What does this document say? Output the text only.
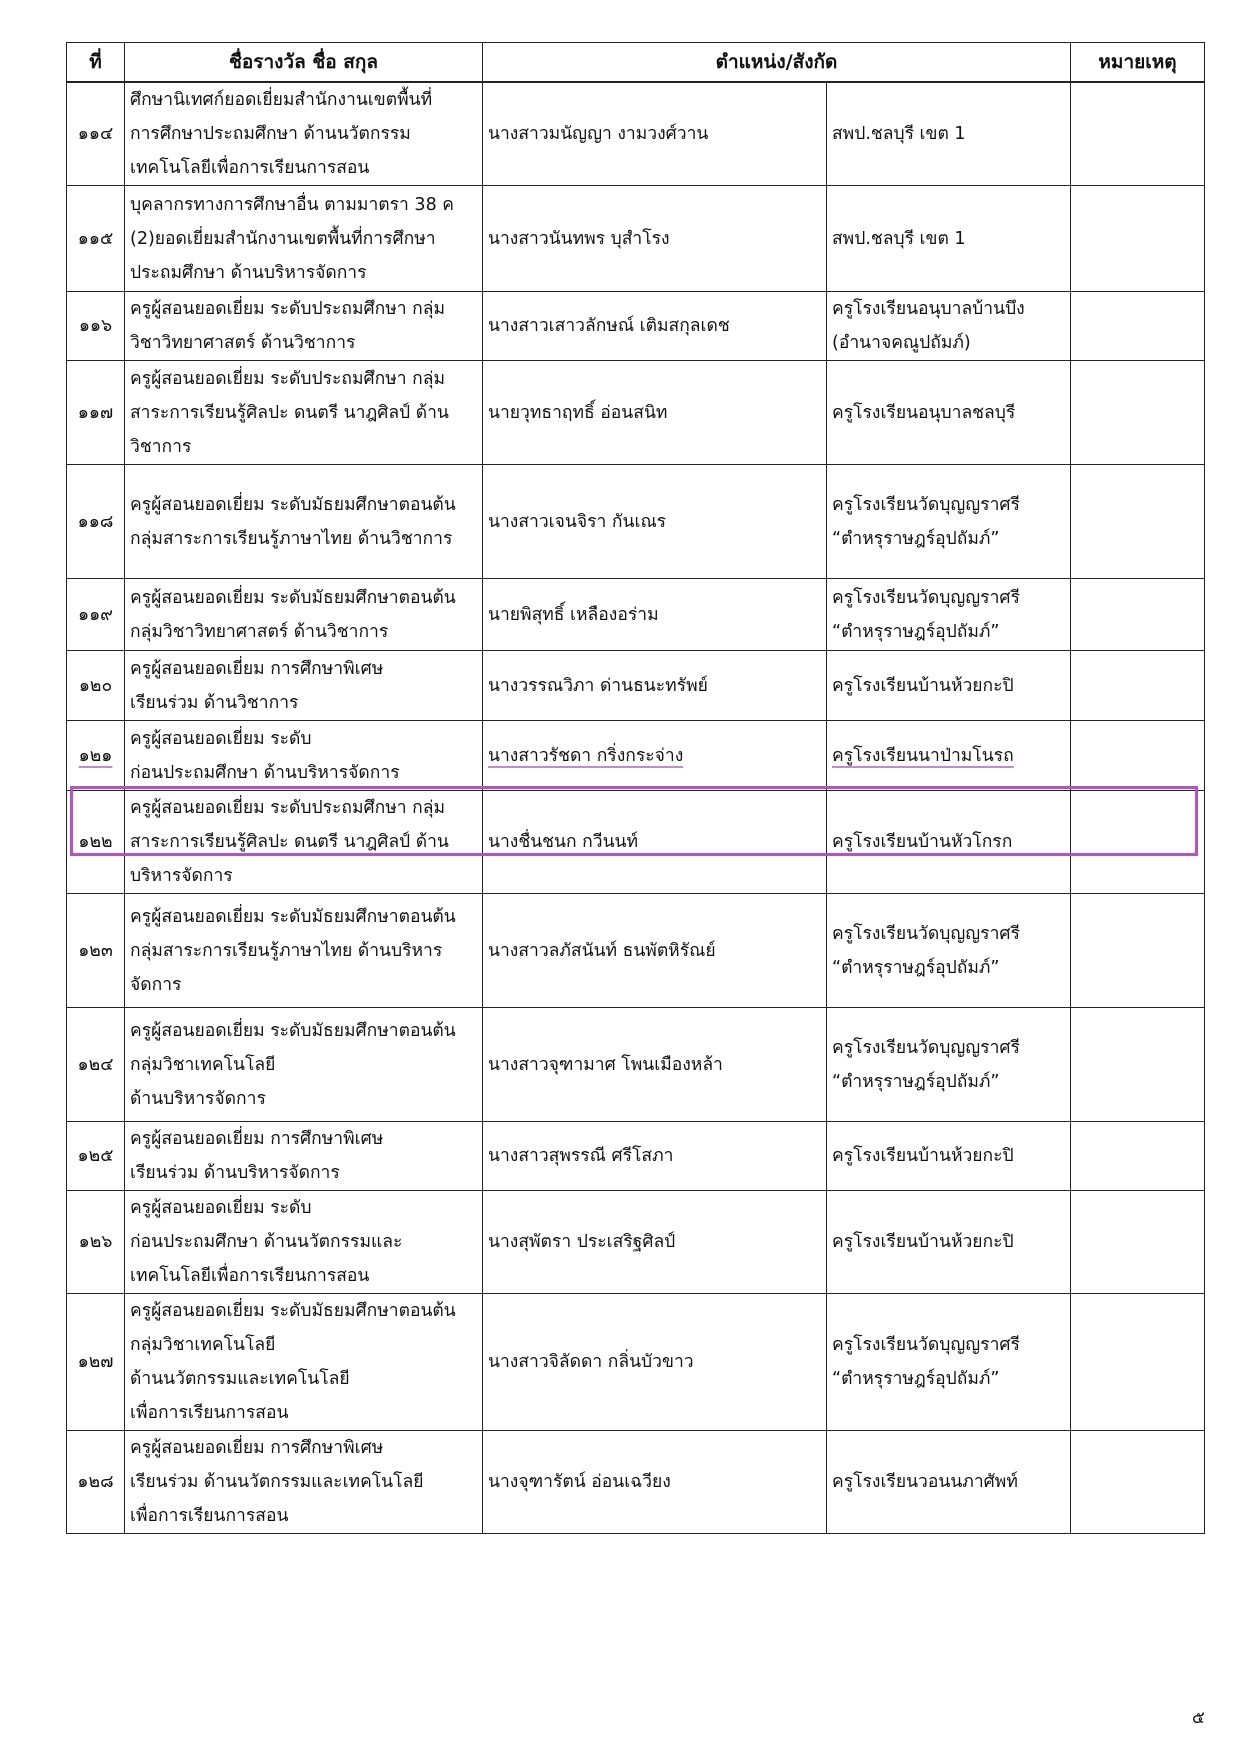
ที่	ชื่อรางวัล ชื่อ สกุล	ตำแหน่ง/สังกัด		หมายเหตุ
๑๑๔	ศึกษานิเทศก์ยอดเยี่ยมสำนักงานเขตพื้นที่
การศึกษาประถมศึกษา ด้านนวัตกรรม
เทคโนโลยีเพื่อการเรียนการสอน	นางสาวมนัญญา งามวงศ์วาน	สพป.ชลบุรี เขต 1	
๑๑๕	บุคลากรทางการศึกษาอื่น ตามมาตรา 38 ค
(2)ยอดเยี่ยมสำนักงานเขตพื้นที่การศึกษา
ประถมศึกษา ด้านบริหารจัดการ	นางสาวนันทพร บุสำโรง	สพป.ชลบุรี เขต 1	
๑๑๖	ครูผู้สอนยอดเยี่ยม ระดับประถมศึกษา กลุ่ม
วิชาวิทยาศาสตร์ ด้านวิชาการ	นางสาวเสาวลักษณ์ เติมสกุลเดช	ครูโรงเรียนอนุบาลบ้านบึง
(อำนาจคณูปถัมภ์)	
๑๑๗	ครูผู้สอนยอดเยี่ยม ระดับประถมศึกษา กลุ่ม
สาระการเรียนรู้ศิลปะ ดนตรี นาฎศิลป์ ด้าน
วิชาการ	นายวุทธาฤทธิ์ อ่อนสนิท	ครูโรงเรียนอนุบาลชลบุรี	
๑๑๘	ครูผู้สอนยอดเยี่ยม ระดับมัธยมศึกษาตอนต้น
กลุ่มสาระการเรียนรู้ภาษาไทย ด้านวิชาการ	นางสาวเจนจิรา กันเณร	ครูโรงเรียนวัดบุญญราศรี
“ตำหรุราษฎร์อุปถัมภ์”	
๑๑๙	ครูผู้สอนยอดเยี่ยม ระดับมัธยมศึกษาตอนต้น
กลุ่มวิชาวิทยาศาสตร์ ด้านวิชาการ	นายพิสุทธิ์ เหลืองอร่าม	ครูโรงเรียนวัดบุญญราศรี
“ตำหรุราษฎร์อุปถัมภ์”	
๑๒๐	ครูผู้สอนยอดเยี่ยม การศึกษาพิเศษ
เรียนร่วม ด้านวิชาการ	นางวรรณวิภา ด่านธนะทรัพย์	ครูโรงเรียนบ้านห้วยกะปิ	
๑๒๑	ครูผู้สอนยอดเยี่ยม ระดับ
ก่อนประถมศึกษา ด้านบริหารจัดการ	นางสาวรัชดา กริ่งกระจ่าง	ครูโรงเรียนนาป่ามโนรถ	
๑๒๒	ครูผู้สอนยอดเยี่ยม ระดับประถมศึกษา กลุ่ม
สาระการเรียนรู้ศิลปะ ดนตรี นาฎศิลป์ ด้าน
บริหารจัดการ	นางชื่นชนก กวีนนท์	ครูโรงเรียนบ้านหัวโกรก	
๑๒๓	ครูผู้สอนยอดเยี่ยม ระดับมัธยมศึกษาตอนต้น
กลุ่มสาระการเรียนรู้ภาษาไทย ด้านบริหาร
จัดการ	นางสาวลภัสนันท์ ธนพัตหิรัณย์	ครูโรงเรียนวัดบุญญราศรี
“ตำหรุราษฎร์อุปถัมภ์”	
๑๒๔	ครูผู้สอนยอดเยี่ยม ระดับมัธยมศึกษาตอนต้น
กลุ่มวิชาเทคโนโลยี
ด้านบริหารจัดการ	นางสาวจุฑามาศ โพนเมืองหล้า	ครูโรงเรียนวัดบุญญราศรี
“ตำหรุราษฎร์อุปถัมภ์”	
๑๒๕	ครูผู้สอนยอดเยี่ยม การศึกษาพิเศษ
เรียนร่วม ด้านบริหารจัดการ	นางสาวสุพรรณี ศรีโสภา	ครูโรงเรียนบ้านห้วยกะปิ	
๑๒๖	ครูผู้สอนยอดเยี่ยม ระดับ
ก่อนประถมศึกษา ด้านนวัตกรรมและ
เทคโนโลยีเพื่อการเรียนการสอน	นางสุพัตรา ประเสริฐศิลป์	ครูโรงเรียนบ้านห้วยกะปิ	
๑๒๗	ครูผู้สอนยอดเยี่ยม ระดับมัธยมศึกษาตอนต้น
กลุ่มวิชาเทคโนโลยี
ด้านนวัตกรรมและเทคโนโลยี
เพื่อการเรียนการสอน	นางสาวจิลัดดา กลิ่นบัวขาว	ครูโรงเรียนวัดบุญญราศรี
“ตำหรุราษฎร์อุปถัมภ์”	
๑๒๘	ครูผู้สอนยอดเยี่ยม การศึกษาพิเศษ
เรียนร่วม ด้านนวัตกรรมและเทคโนโลยี
เพื่อการเรียนการสอน	นางจุฑารัตน์ อ่อนเฉวียง	ครูโรงเรียนวอนนภาศัพท์	
๕
